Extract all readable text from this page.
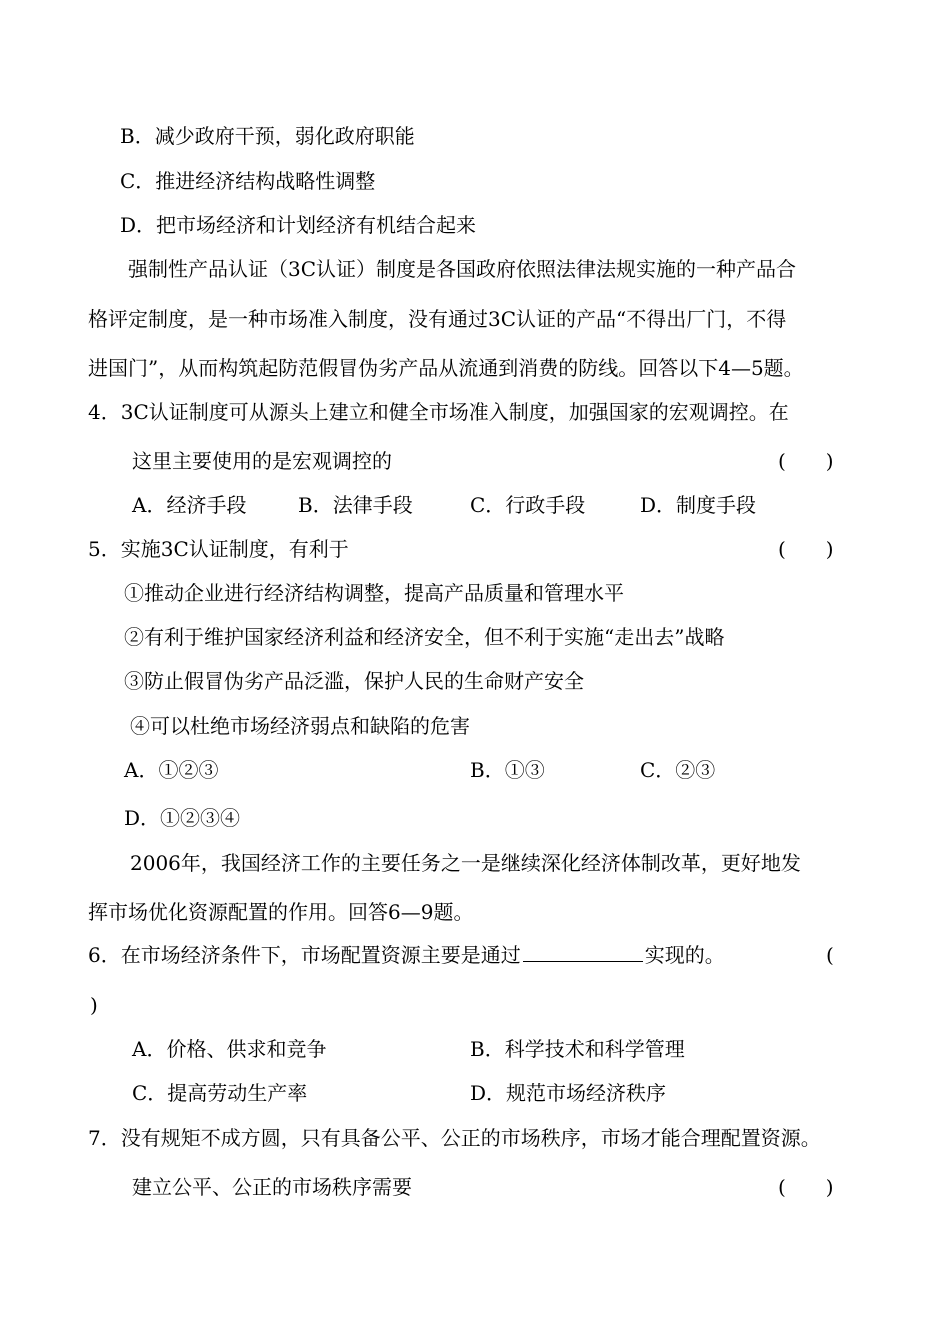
B．减少政府干预，弱化政府职能
C．推进经济结构战略性调整
D．把市场经济和计划经济有机结合起来
强制性产品认证（3C认证）制度是各国政府依照法律法规实施的一种产品合
格评定制度，是一种市场准入制度，没有通过3C认证的产品“不得出厂门，不得
进国门”，从而构筑起防范假冒伪劣产品从流通到消费的防线。回答以下4—5题。
4．3C认证制度可从源头上建立和健全市场准入制度，加强国家的宏观调控。在
这里主要使用的是宏观调控的	(　　)
A．经济手段	B．法律手段	C．行政手段	D．制度手段
5．实施3C认证制度，有利于	(　　)
①推动企业进行经济结构调整，提高产品质量和管理水平
②有利于维护国家经济利益和经济安全，但不利于实施“走出去”战略
③防止假冒伪劣产品泛滥，保护人民的生命财产安全
④可以杜绝市场经济弱点和缺陷的危害
A．①②③	B．①③	C．②③
D．①②③④
2006年，我国经济工作的主要任务之一是继续深化经济体制改革，更好地发
挥市场优化资源配置的作用。回答6—9题。
6．在市场经济条件下，市场配置资源主要是通过	实现的。	(
)
A．价格、供求和竞争	B．科学技术和科学管理
C．提高劳动生产率	D．规范市场经济秩序
7．没有规矩不成方圆，只有具备公平、公正的市场秩序，市场才能合理配置资源。
建立公平、公正的市场秩序需要	(　　)
